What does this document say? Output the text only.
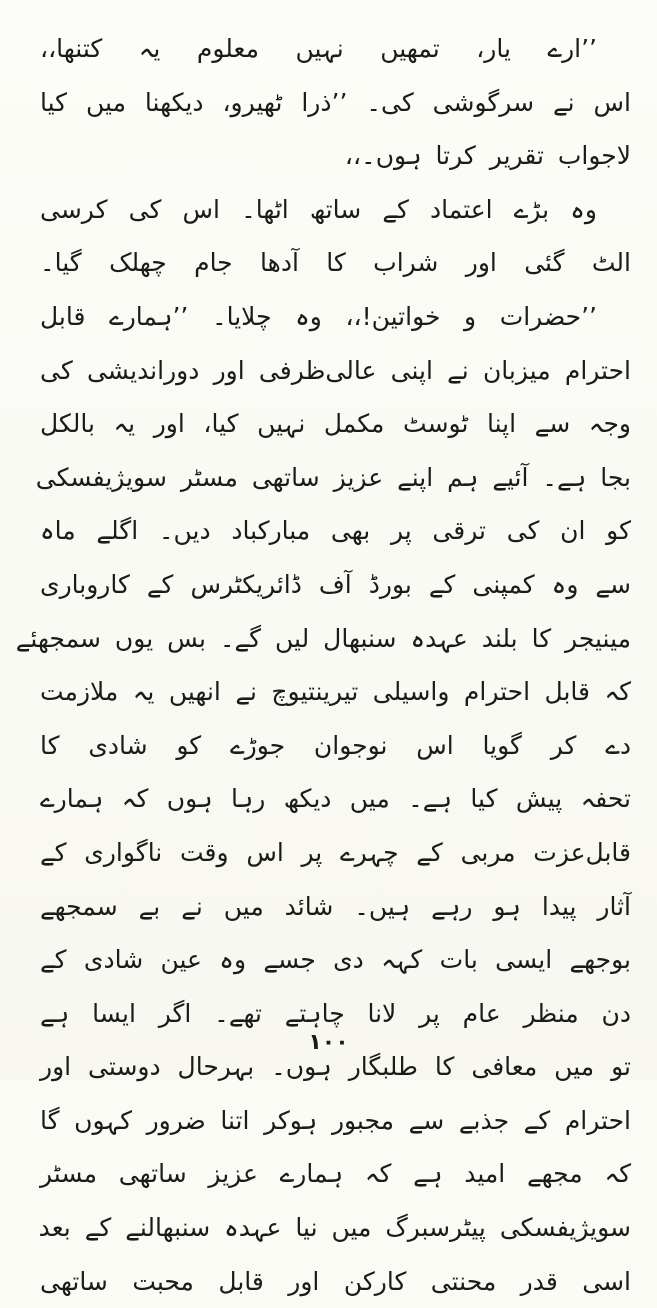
’’ارے یار، تمھیں نہیں معلوم یہ کتنھا،،
اس نے سرگوشی کی۔ ’’ذرا ٹھیرو، دیکھنا میں کیا
لاجواب تقریر کرتا ہوں۔،،
وہ بڑے اعتماد کے ساتھ اٹھا۔ اس کی کرسی
الٹ گئی اور شراب کا آدھا جام چھلک گیا۔
’’حضرات و خواتین!،، وہ چلایا۔ ’’ہمارے قابل
احترام میزبان نے اپنی عالی‌ظرفی اور دوراندیشی کی
وجہ سے اپنا ٹوسٹ مکمل نہیں کیا، اور یہ بالکل
بجا ہے۔ آئیے ہم اپنے عزیز ساتھی مسٹر سویژیفسکی
کو ان کی ترقی پر بھی مبارکباد دیں۔ اگلے ماہ
سے وہ کمپنی کے بورڈ آف ڈائریکٹرس کے کاروباری
مینیجر کا بلند عہدہ سنبھال لیں گے۔ بس یوں سمجھئے
کہ قابل احترام واسیلی تیرینتیوچ نے انھیں یہ ملازمت
دے کر گویا اس نوجوان جوڑے کو شادی کا
تحفہ پیش کیا ہے۔ میں دیکھ رہا ہوں کہ ہمارے
قابل‌عزت مربی کے چہرے پر اس وقت ناگواری کے
آثار پیدا ہو رہے ہیں۔ شائد میں نے بے سمجھے
بوجھے ایسی بات کہہ دی جسے وہ عین شادی کے
دن منظر عام پر لانا چاہتے تھے۔ اگر ایسا ہے
تو میں معافی کا طلبگار ہوں۔ بہرحال دوستی اور
احترام کے جذبے سے مجبور ہوکر اتنا ضرور کہوں گا
کہ مجھے امید ہے کہ ہمارے عزیز ساتھی مسٹر
سویژیفسکی پیٹرسبرگ میں نیا عہدہ سنبھالنے کے بعد
اسی قدر محنتی کارکن اور قابل محبت ساتھی
۱۰۰
